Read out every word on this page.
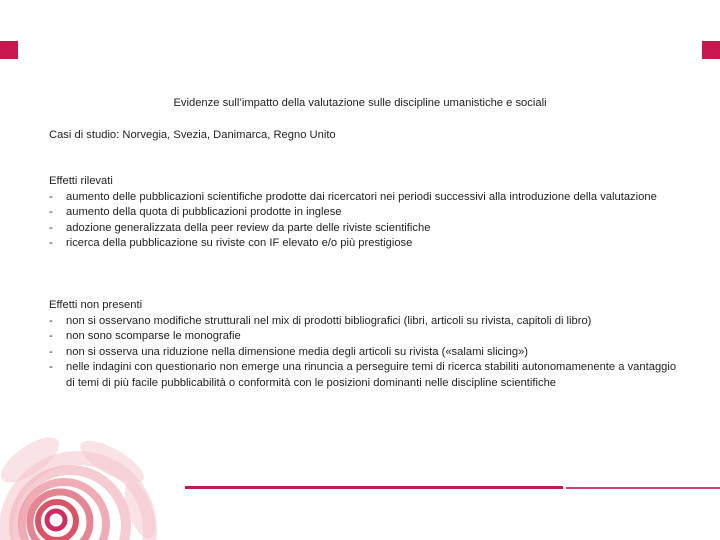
Evidenze sull’impatto della valutazione sulle discipline umanistiche e sociali
Casi di studio: Norvegia, Svezia, Danimarca, Regno Unito

Effetti rilevati

- aumento delle pubblicazioni scientifiche prodotte dai ricercatori nei periodi successivi alla introduzione della valutazione
- aumento della quota di pubblicazioni prodotte in inglese
- adozione generalizzata della peer review da parte delle riviste scientifiche
- ricerca della pubblicazione su riviste con IF elevato e/o più prestigiose

Effetti non presenti

- non si osservano modifiche strutturali nel mix di prodotti bibliografici (libri, articoli su rivista, capitoli di libro)
- non sono scomparse le monografie
- non si osserva una riduzione nella dimensione media degli articoli su rivista («salami slicing»)
- nelle indagini con questionario non emerge una rinuncia a perseguire temi di ricerca stabiliti autonomamenente a vantaggio di temi di più facile pubblicabilità o conformità con le posizioni dominanti nelle discipline scientifiche
